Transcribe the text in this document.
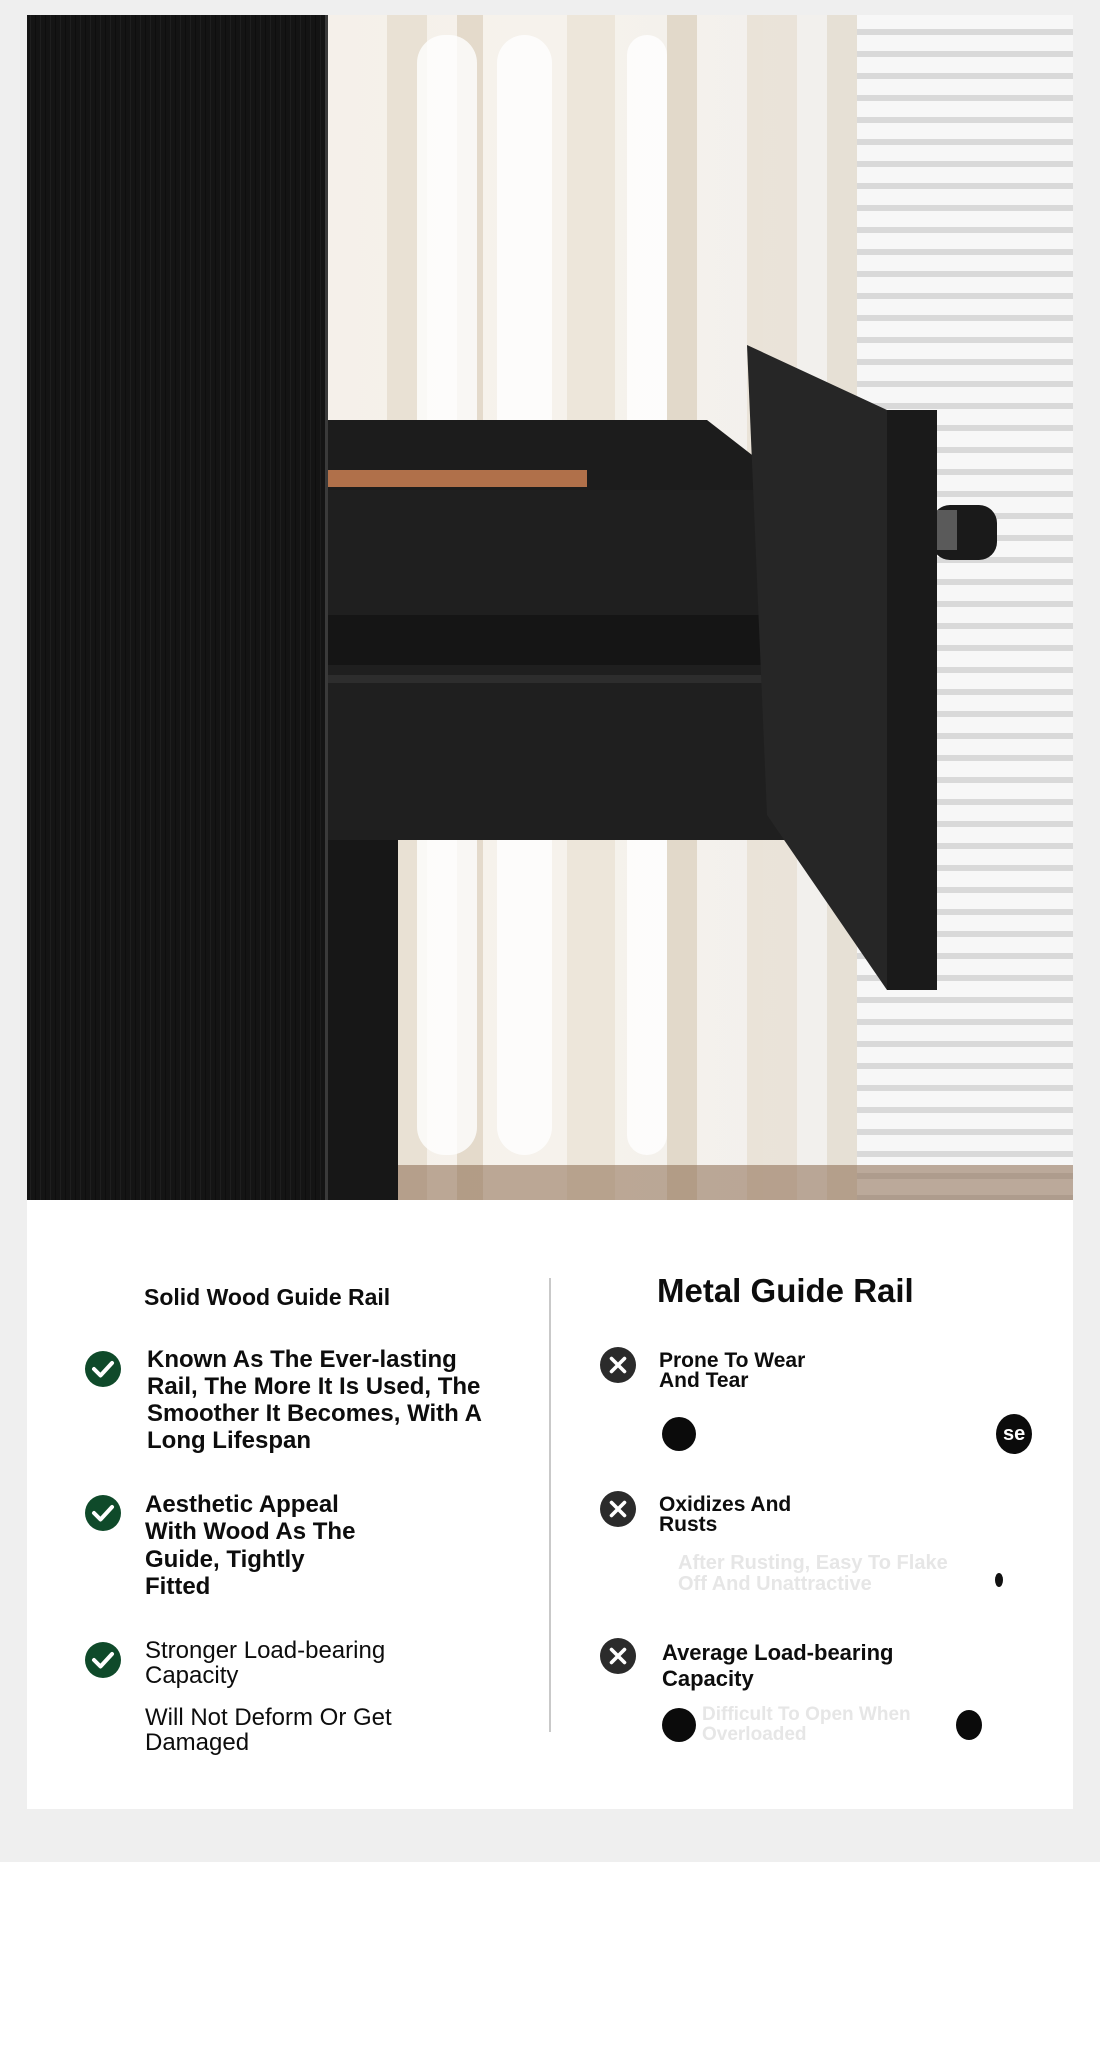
Solid Wood Guide Rail	Metal Guide Rail
Known As The Ever-lasting Rail, The More It Is Used, The Smoother It Becomes, With A Long Lifespan
Aesthetic Appeal With Wood As The Guide, Tightly Fitted
Stronger Load-bearing Capacity
Will Not Deform Or Get Damaged
Prone To Wear And Tear
se
Oxidizes And Rusts
After Rusting, Easy To Flake Off And Unattractive
Average Load-bearing Capacity
Difficult To Open When Overloaded
